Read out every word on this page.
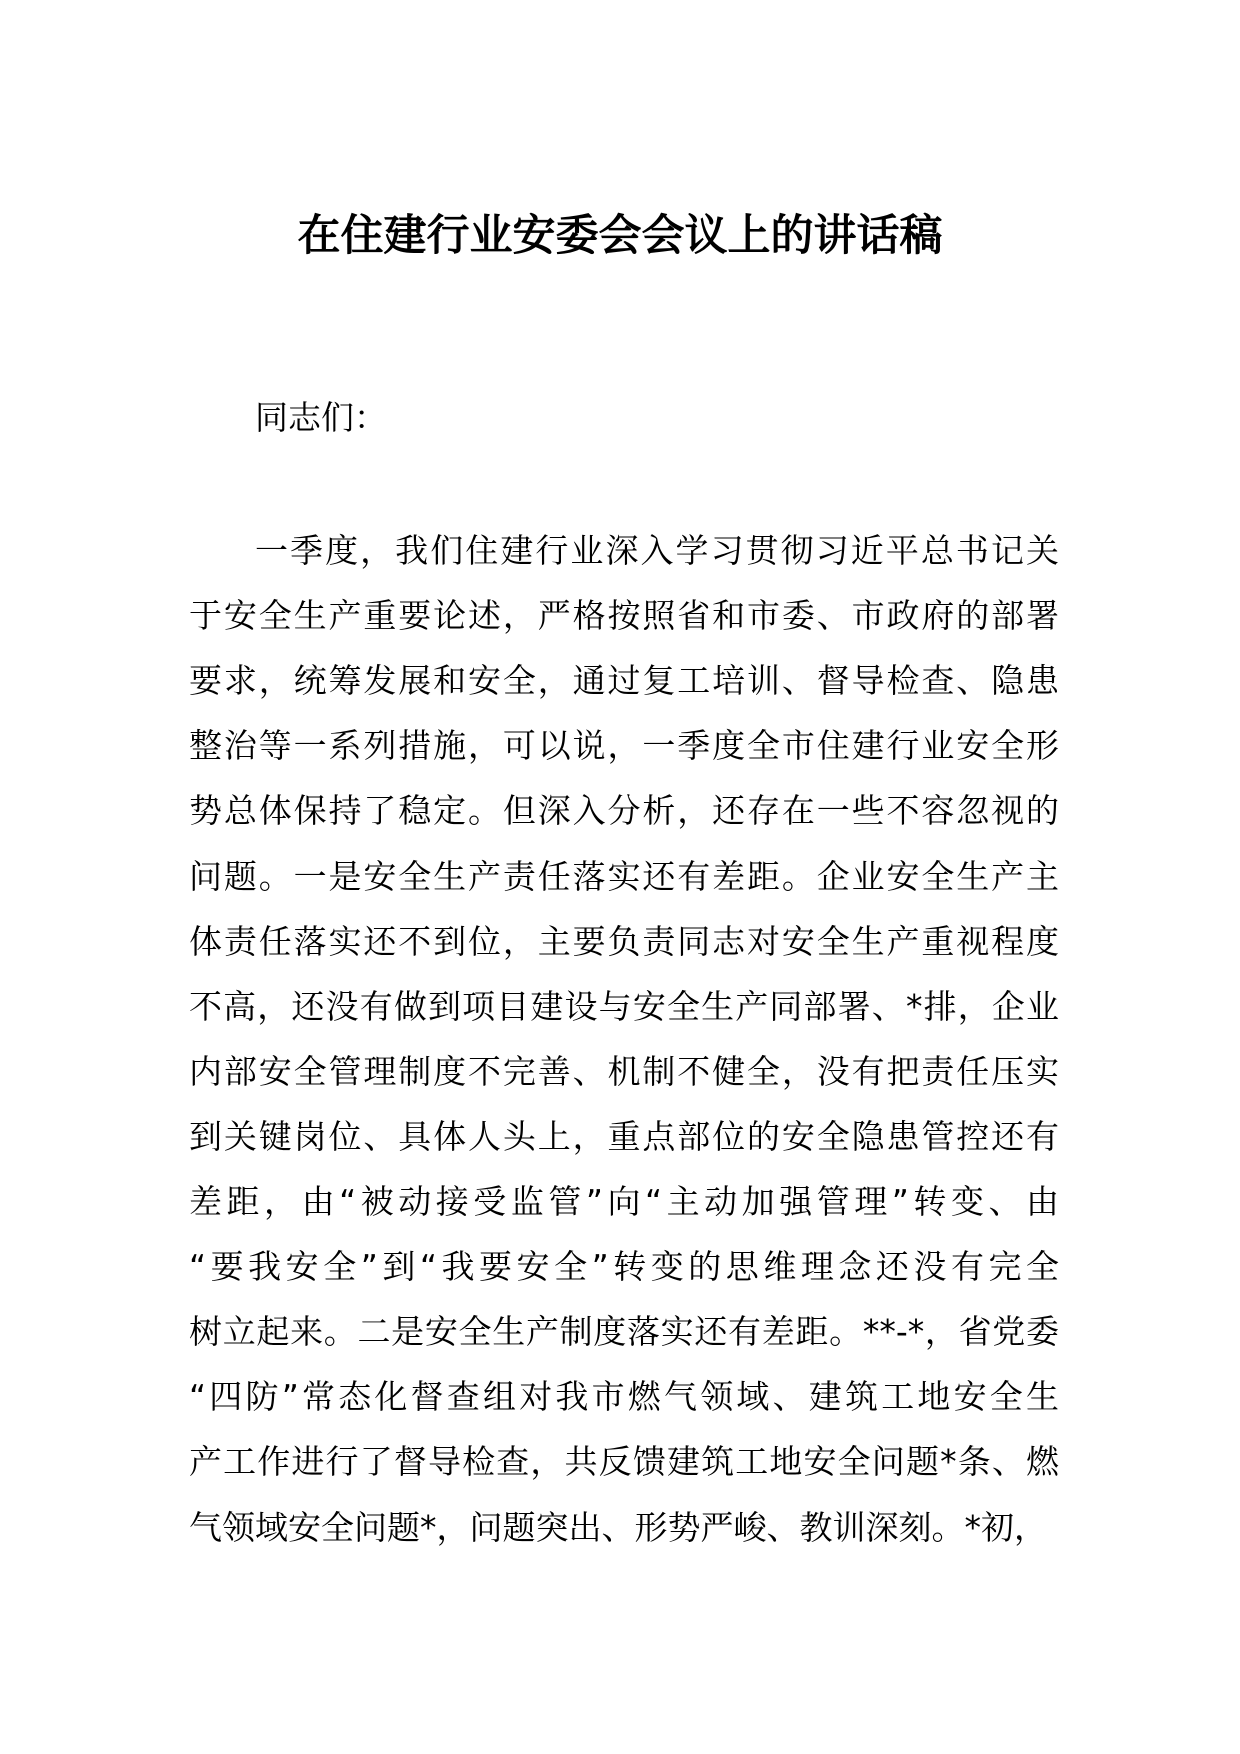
在住建行业安委会会议上的讲话稿
同志们：
一季度，我们住建行业深入学习贯彻习近平总书记关
于安全生产重要论述，严格按照省和市委、市政府的部署
要求，统筹发展和安全，通过复工培训、督导检查、隐患
整治等一系列措施，可以说，一季度全市住建行业安全形
势总体保持了稳定。但深入分析，还存在一些不容忽视的
问题。一是安全生产责任落实还有差距。企业安全生产主
体责任落实还不到位，主要负责同志对安全生产重视程度
不高，还没有做到项目建设与安全生产同部署、*排，企业
内部安全管理制度不完善、机制不健全，没有把责任压实
到关键岗位、具体人头上，重点部位的安全隐患管控还有
差距，由“被动接受监管”向“主动加强管理”转变、由
“要我安全”到“我要安全”转变的思维理念还没有完全
树立起来。二是安全生产制度落实还有差距。**-*，省党委
“四防”常态化督查组对我市燃气领域、建筑工地安全生
产工作进行了督导检查，共反馈建筑工地安全问题*条、燃
气领域安全问题*，问题突出、形势严峻、教训深刻。*初，
